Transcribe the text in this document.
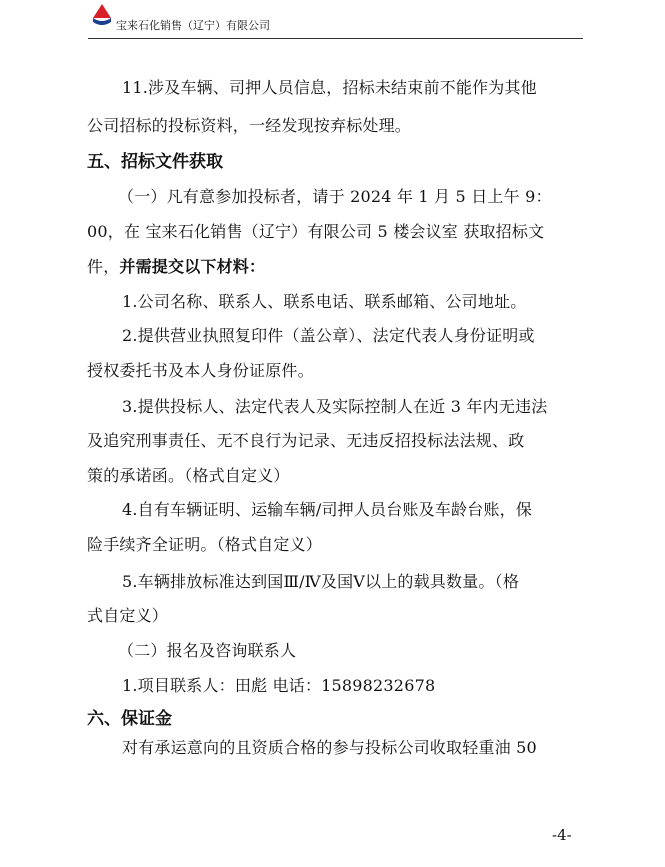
宝来石化销售（辽宁）有限公司
11.涉及车辆、司押人员信息，招标未结束前不能作为其他
公司招标的投标资料，一经发现按弃标处理。
五、招标文件获取
（一）凡有意参加投标者，请于 2024 年 1 月 5 日上午 9：
00，在 宝来石化销售（辽宁）有限公司 5 楼会议室 获取招标文
件，并需提交以下材料：
1.公司名称、联系人、联系电话、联系邮箱、公司地址。
2.提供营业执照复印件（盖公章）、法定代表人身份证明或
授权委托书及本人身份证原件。
3.提供投标人、法定代表人及实际控制人在近 3 年内无违法
及追究刑事责任、无不良行为记录、无违反招投标法法规、政
策的承诺函。（格式自定义）
4.自有车辆证明、运输车辆/司押人员台账及车龄台账，保
险手续齐全证明。（格式自定义）
5.车辆排放标准达到国Ⅲ/Ⅳ及国Ⅴ以上的载具数量。（格
式自定义）
（二）报名及咨询联系人
1.项目联系人：田彪 电话：15898232678
六、保证金
对有承运意向的且资质合格的参与投标公司收取轻重油 50
-4-
